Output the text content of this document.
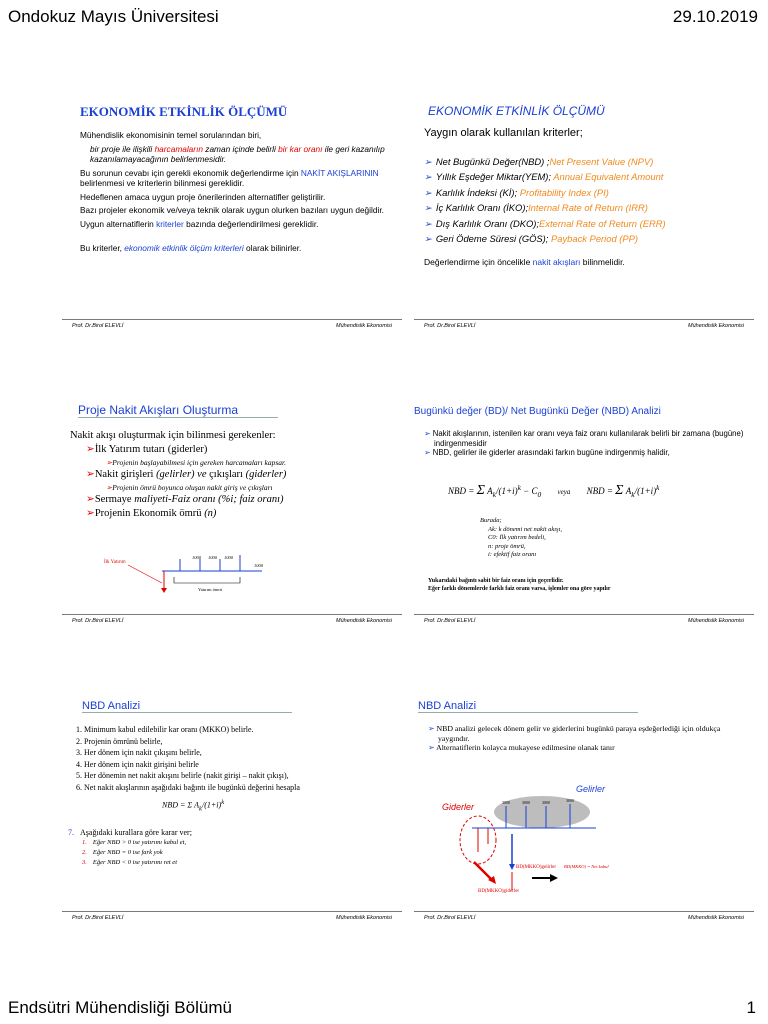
Ondokuz Mayıs Üniversitesi	29.10.2019
EKONOMİK ETKİNLİK ÖLÇÜMÜ

Mühendislik ekonomisinin temel sorularından biri,

bir proje ile ilişkili harcamaların zaman içinde belirli bir kar oranı ile geri kazanılıp kazanılamayacağının belirlenmesidir.

Bu sorunun cevabı için gerekli ekonomik değerlendirme için NAKİT AKIŞLARININ belirlenmesi ve kriterlerin bilinmesi gereklidir.

Hedeflenen amaca uygun proje önerilerinden alternatifler geliştirilir.

Bazı projeler ekonomik ve/veya teknik olarak uygun olurken bazıları uygun değildir.

Uygun alternatiflerin kriterler bazında değerlendirilmesi gereklidir.

Bu kriterler, ekonomik etkinlik ölçüm kriterleri olarak bilinirler.

Prof. Dr.Birol ELEVLİ	Mühendislik Ekonomisi
EKONOMİK ETKİNLİK ÖLÇÜMÜ

Yaygın olarak kullanılan kriterler;

➢ Net Bugünkü Değer(NBD) ;Net Present Value (NPV)
➢ Yıllık Eşdeğer Miktar(YEM); Annual Equivalent Amount
➢ Karlılık İndeksi (Kİ); Profitability Index (PI)
➢ İç Karlılık Oranı (İKO);Internal Rate of Return (IRR)
➢ Dış Karlılık Oranı (DKO);External Rate of Return (ERR)
➢ Geri Ödeme Süresi (GÖS); Payback Period (PP)

Değerlendirme için öncelikle nakit akışları bilinmelidir.

Prof. Dr.Birol ELEVLİ	Mühendislik Ekonomisi
Proje Nakit Akışları Oluşturma
Nakit akışı oluşturmak için bilinmesi gerekenler:
➢İlk Yatırım tutarı (giderler)
➢Projenin başlayabilmesi için gereken harcamaları kapsar.
➢Nakit girişleri (gelirler) ve çıkışları (giderler)
➢Projenin ömrü boyunca oluşan nakit giriş ve çıkışları
➢Sermaye maliyeti-Faiz oranı (%i; faiz oranı)
➢Projenin Ekonomik ömrü (n)
İlk Yatırım
1000 1000 1000
1000
Yatırım ömrü
Prof. Dr.Birol ELEVLİ	Mühendislik Ekonomisi
Bugünkü değer (BD)/ Net Bugünkü Değer (NBD) Analizi
➢ Nakit akışlarının, istenilen kar oranı veya faiz oranı kullanılarak belirli bir zamana (bugüne) indirgenmesidir
➢ NBD, gelirler ile giderler arasındaki farkın bugüne indirgenmiş halidir,
NBD = Σ $A_k/(1+i)^k - C_0$ veya NBD = Σ $A_k/(1+i)^k$
Burada;
Ak: k dönemi net nakit akışı,
C0: İlk yatırım bedeli,
n: proje ömrü,
i: efektif faiz oranı
Yukarıdaki bağıntı sabit bir faiz oranı için geçerlidir.
Eğer farklı dönemlerde farklı faiz oranı varsa, işlemler ona göre yapılır
Prof. Dr.Birol ELEVLİ	Mühendislik Ekonomisi
NBD Analizi
1. Minimum kabul edilebilir kar oranı (MKKO) belirle.
2. Projenin ömrünü belirle,
3. Her dönem için nakit çıkışını belirle,
4. Her dönem için nakit girişini belirle
5. Her dönemin net nakit akışını belirle (nakit girişi – nakit çıkışı),
6. Net nakit akışlarının aşağıdaki bağıntı ile bugünkü değerini hesapla
NBD = Σ $A_k/(1+i)^k$
7. Aşağıdaki kurallara göre karar ver;
1. Eğer NBD > 0 ise yatırımı kabul et,
2. Eğer NBD = 0 ise fark yok
3. Eğer NBD < 0 ise yatırımı ret et
Prof. Dr.Birol ELEVLİ	Mühendislik Ekonomisi
NBD Analizi
➢ NBD analizi gelecek dönem gelir ve giderlerini bugünkü paraya eşdeğerlediği için oldukça yaygındır.
➢ Alternatiflerin kolayca mukayese edilmesine olanak tanır
Gelirler
Giderler	3000	3000	3000	3000
BD(MKKO)gelirler BD(MKKO) = Net kabul
BD(MKKO)giderler
Prof. Dr.Birol ELEVLİ	Mühendislik Ekonomisi
Endsütri Mühendisliği Bölümü	1
